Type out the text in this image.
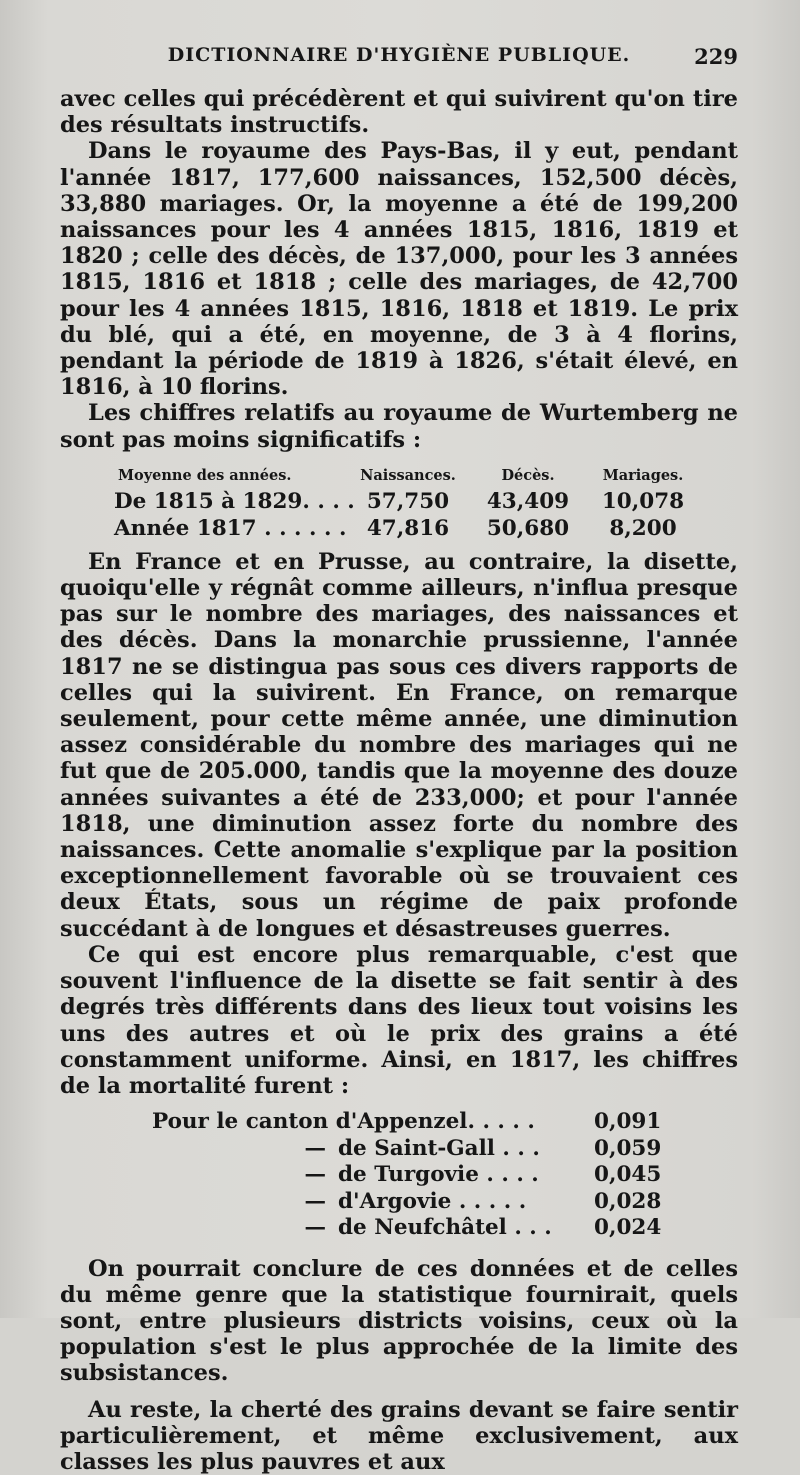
DICTIONNAIRE D'HYGIÈNE PUBLIQUE.	229
avec celles qui précédèrent et qui suivirent qu'on tire des résultats instructifs.
Dans le royaume des Pays-Bas, il y eut, pendant l'année 1817, 177,600 naissances, 152,500 décès, 33,880 mariages. Or, la moyenne a été de 199,200 naissances pour les 4 années 1815, 1816, 1819 et 1820 ; celle des décès, de 137,000, pour les 3 années 1815, 1816 et 1818 ; celle des mariages, de 42,700 pour les 4 années 1815, 1816, 1818 et 1819. Le prix du blé, qui a été, en moyenne, de 3 à 4 florins, pendant la période de 1819 à 1826, s'était élevé, en 1816, à 10 florins.
Les chiffres relatifs au royaume de Wurtemberg ne sont pas moins significatifs :
Moyenne des années.	Naissances.	Décès.	Mariages.
De 1815 à 1829. . . . 57,750	43,409	10,078
Année 1817 . . . . . . 47,816	50,680	8,200
En France et en Prusse, au contraire, la disette, quoiqu'elle y régnât comme ailleurs, n'influa presque pas sur le nombre des mariages, des naissances et des décès. Dans la monarchie prussienne, l'année 1817 ne se distingua pas sous ces divers rapports de celles qui la suivirent. En France, on remarque seulement, pour cette même année, une diminution assez considérable du nombre des mariages qui ne fut que de 205.000, tandis que la moyenne des douze années suivantes a été de 233,000; et pour l'année 1818, une diminution assez forte du nombre des naissances. Cette anomalie s'explique par la position exceptionnellement favorable où se trouvaient ces deux États, sous un régime de paix profonde succédant à de longues et désastreuses guerres.
Ce qui est encore plus remarquable, c'est que souvent l'influence de la disette se fait sentir à des degrés très différents dans des lieux tout voisins les uns des autres et où le prix des grains a été constamment uniforme. Ainsi, en 1817, les chiffres de la mortalité furent :
Pour le canton d'Appenzel. . . . .	0,091
— de Saint-Gall . . .	0,059
— de Turgovie . . . .	0,045
— d'Argovie . . . . .	0,028
— de Neufchâtel . . .	0,024
On pourrait conclure de ces données et de celles du même genre que la statistique fournirait, quels sont, entre plusieurs districts voisins, ceux où la population s'est le plus approchée de la limite des subsistances.
Au reste, la cherté des grains devant se faire sentir particulièrement, et même exclusivement, aux classes les plus pauvres et aux
